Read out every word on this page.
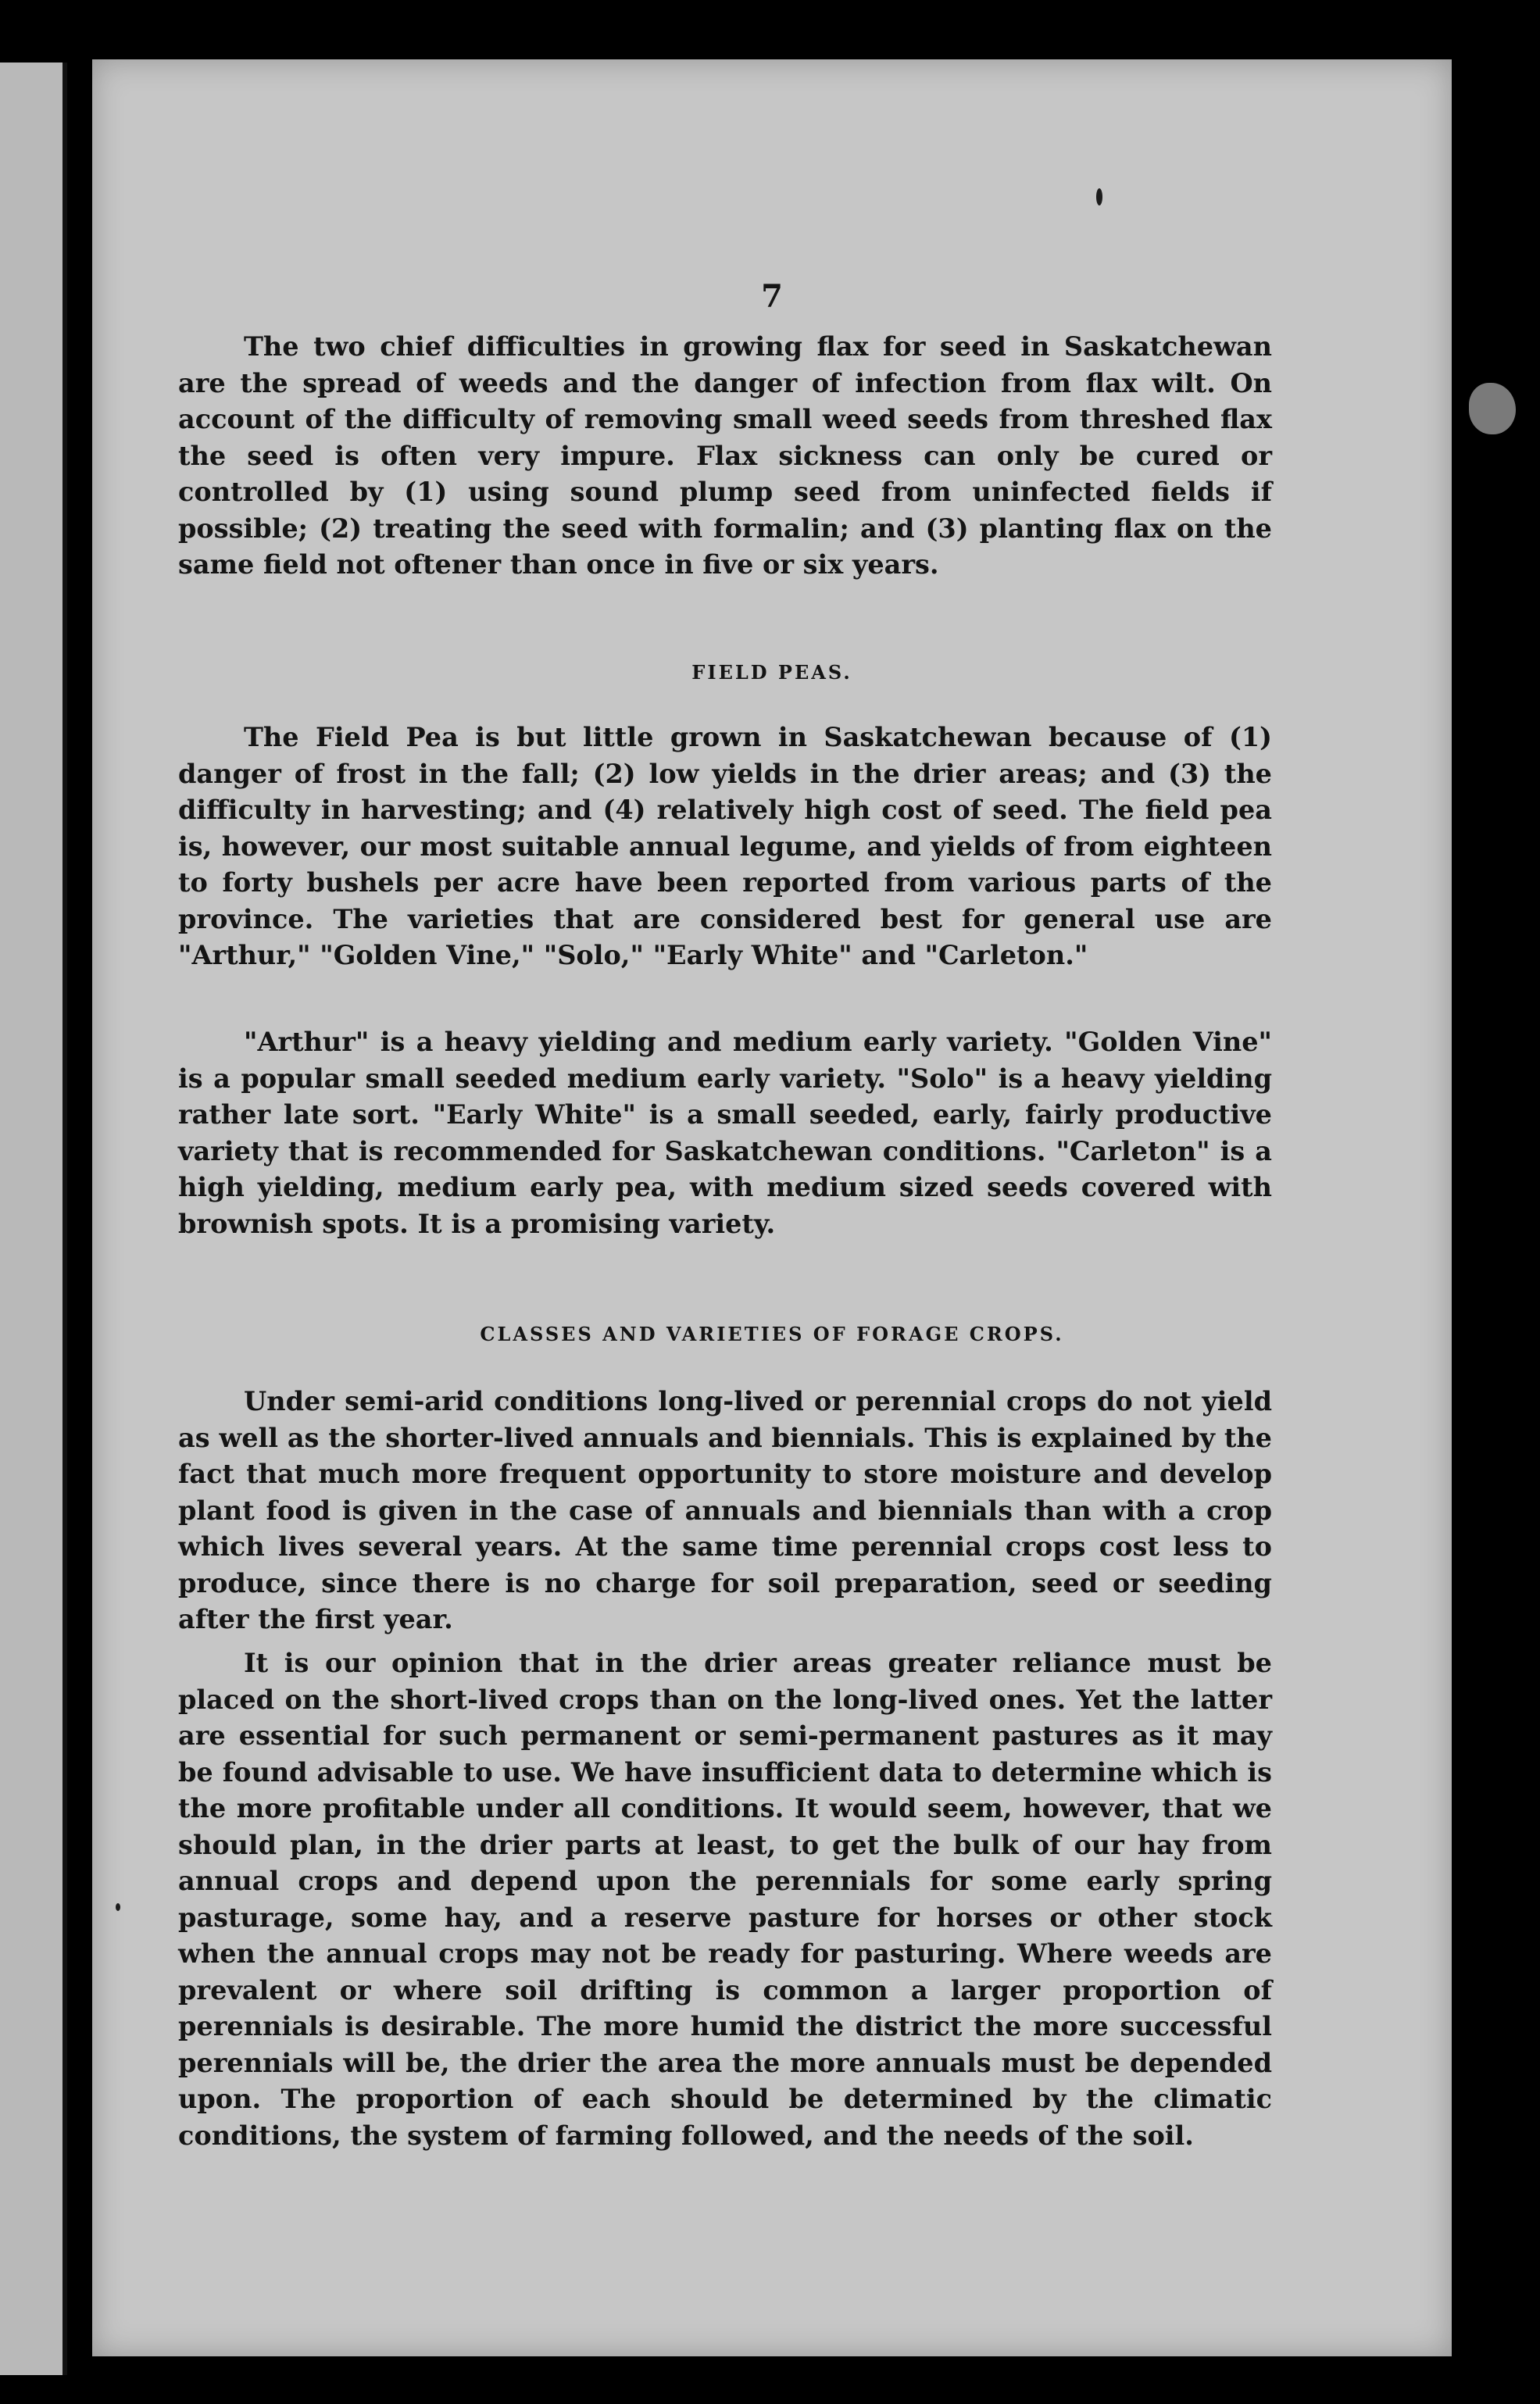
7

The two chief difficulties in growing flax for seed in Saskatchewan are the spread of weeds and the danger of infection from flax wilt. On account of the difficulty of removing small weed seeds from threshed flax the seed is often very impure. Flax sickness can only be cured or controlled by (1) using sound plump seed from uninfected fields if possible; (2) treating the seed with formalin; and (3) planting flax on the same field not oftener than once in five or six years.

FIELD PEAS.

The Field Pea is but little grown in Saskatchewan because of (1) danger of frost in the fall; (2) low yields in the drier areas; and (3) the difficulty in harvesting; and (4) relatively high cost of seed. The field pea is, however, our most suitable annual legume, and yields of from eighteen to forty bushels per acre have been reported from various parts of the province. The varieties that are considered best for general use are "Arthur," "Golden Vine," "Solo," "Early White" and "Carleton."

"Arthur" is a heavy yielding and medium early variety. "Golden Vine" is a popular small seeded medium early variety. "Solo" is a heavy yielding rather late sort. "Early White" is a small seeded, early, fairly productive variety that is recommended for Saskatchewan conditions. "Carleton" is a high yielding, medium early pea, with medium sized seeds covered with brownish spots. It is a promising variety.

CLASSES AND VARIETIES OF FORAGE CROPS.

Under semi-arid conditions long-lived or perennial crops do not yield as well as the shorter-lived annuals and biennials. This is explained by the fact that much more frequent opportunity to store moisture and develop plant food is given in the case of annuals and biennials than with a crop which lives several years. At the same time perennial crops cost less to produce, since there is no charge for soil preparation, seed or seeding after the first year.

It is our opinion that in the drier areas greater reliance must be placed on the short-lived crops than on the long-lived ones. Yet the latter are essential for such permanent or semi-permanent pastures as it may be found advisable to use. We have insufficient data to determine which is the more profitable under all conditions. It would seem, however, that we should plan, in the drier parts at least, to get the bulk of our hay from annual crops and depend upon the perennials for some early spring pasturage, some hay, and a reserve pasture for horses or other stock when the annual crops may not be ready for pasturing. Where weeds are prevalent or where soil drifting is common a larger proportion of perennials is desirable. The more humid the district the more successful perennials will be, the drier the area the more annuals must be depended upon. The proportion of each should be determined by the climatic conditions, the system of farming followed, and the needs of the soil.
